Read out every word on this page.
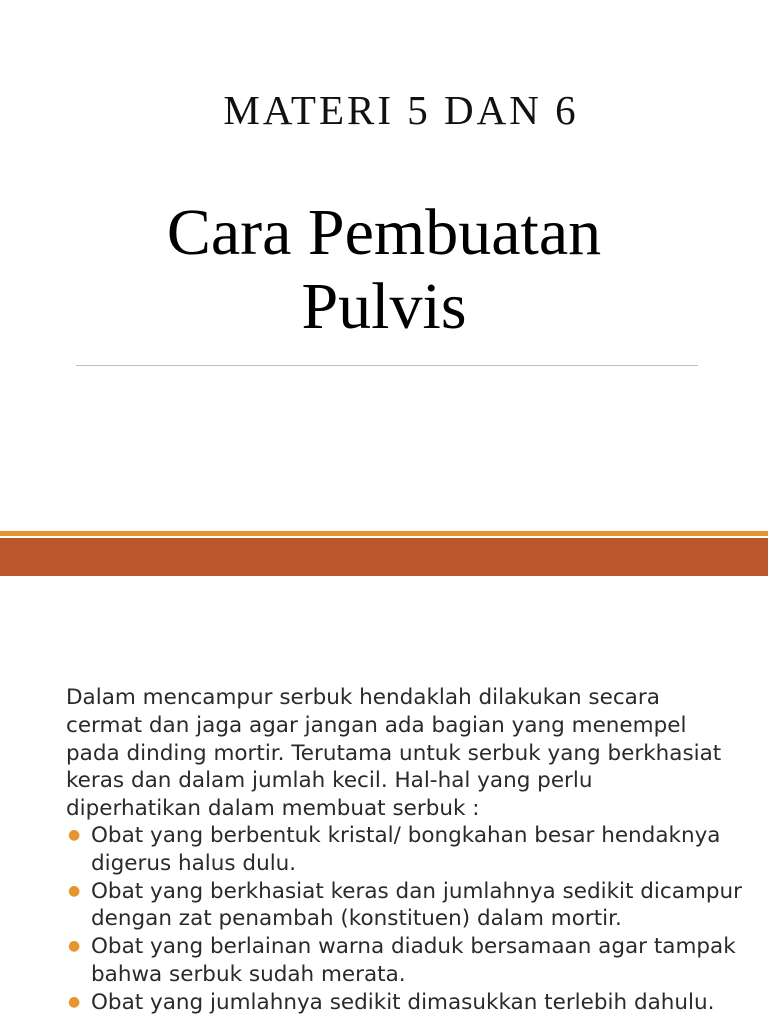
MATERI 5 DAN 6
Cara Pembuatan
Pulvis

Dalam mencampur serbuk hendaklah dilakukan secara cermat dan jaga agar jangan ada bagian yang menempel pada dinding mortir. Terutama untuk serbuk yang berkhasiat keras dan dalam jumlah kecil. Hal-hal yang perlu diperhatikan dalam membuat serbuk :

● Obat yang berbentuk kristal/ bongkahan besar hendaknya digerus halus dulu.
● Obat yang berkhasiat keras dan jumlahnya sedikit dicampur dengan zat penambah (konstituen) dalam mortir.
● Obat yang berlainan warna diaduk bersamaan agar tampak bahwa serbuk sudah merata.
● Obat yang jumlahnya sedikit dimasukkan terlebih dahulu.
